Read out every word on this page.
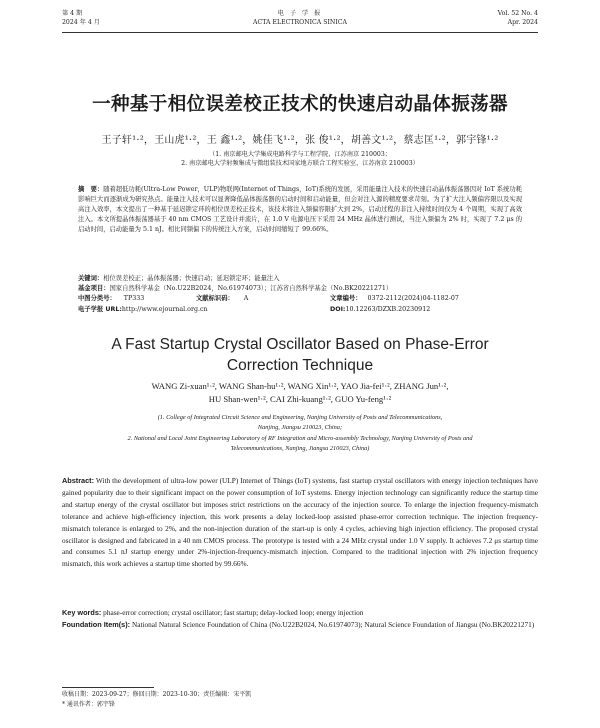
第 4 期
2024 年 4 月
电 子 学 报
ACTA ELECTRONICA SINICA
Vol. 52 No. 4
Apr. 2024
一种基于相位误差校正技术的快速启动晶体振荡器
王子轩¹·²，王山虎¹·²，王 鑫¹·²，姚佳飞¹·²，张 俊¹·²，胡善文¹·²，蔡志匡¹·²，郭宇锋¹·²
（1. 南京邮电大学集成电路科学与工程学院，江苏南京 210003；
2. 南京邮电大学射频集成与微组装技术国家地方联合工程实验室，江苏南京 210003）
摘　要：随着超低功耗(Ultra-Low Power，ULP)物联网(Internet of Things，IoT)系统的发展，采用能量注入技术的快速启动晶体振荡器因对 IoT 系统功耗影响巨大而逐渐成为研究热点。能量注入技术可以显著降低晶体振荡器的启动时间和启动能量，但会对注入源的精度要求苛刻。为了扩大注入频偏容限以及实现高注入效率，本文提出了一种基于延迟锁定环的相位误差校正技术，该技术将注入频偏容限扩大到 2%，启动过程的非注入持续时间仅为 4 个周期，实现了高效注入。本文所提晶体振荡器基于 40 nm CMOS 工艺设计并流片，在 1.0 V 电源电压下采用 24 MHz 晶体进行测试，当注入频偏为 2% 时，实现了 7.2 μs 的启动时间，启动能量为 5.1 nJ。相比同频偏下的传统注入方案，启动时间缩短了 99.66%。
关键词：相位误差校正；晶体振荡器；快速启动；延迟锁定环；能量注入
基金项目：国家自然科学基金（No.U22B2024，No.61974073）；江苏省自然科学基金（No.BK20221271）
中图分类号： TP333	文献标识码： A	文章编号： 0372-2112(2024)04-1182-07
电子学报 URL:http://www.ejournal.org.cn	DOI:10.12263/DZXB.20230912
A Fast Startup Crystal Oscillator Based on Phase-Error
Correction Technique
WANG Zi-xuan¹·², WANG Shan-hu¹·², WANG Xin¹·², YAO Jia-fei¹·², ZHANG Jun¹·²,
HU Shan-wen¹·², CAI Zhi-kuang¹·², GUO Yu-feng¹·²
(1. College of Integrated Circuit Science and Engineering, Nanjing University of Posts and Telecommunications,
Nanjing, Jiangsu 210023, China;
2. National and Local Joint Engineering Laboratory of RF Integration and Micro-assembly Technology, Nanjing University of Posts and
Telecommunications, Nanjing, Jiangsu 210023, China)
Abstract: With the development of ultra-low power (ULP) Internet of Things (IoT) systems, fast startup crystal oscillators with energy injection techniques have gained popularity due to their significant impact on the power consumption of IoT systems. Energy injection technology can significantly reduce the startup time and startup energy of the crystal oscillator but imposes strict restrictions on the accuracy of the injection source. To enlarge the injection frequency-mismatch tolerance and achieve high-efficiency injection, this work presents a delay locked-loop assisted phase-error correction technique. The injection frequency-mismatch tolerance is enlarged to 2%, and the non-injection duration of the start-up is only 4 cycles, achieving high injection efficiency. The proposed crystal oscillator is designed and fabricated in a 40 nm CMOS process. The prototype is tested with a 24 MHz crystal under 1.0 V supply. It achieves 7.2 μs startup time and consumes 5.1 nJ startup energy under 2%-injection-frequency-mismatch injection. Compared to the traditional injection with 2% injection frequency mismatch, this work achieves a startup time shorted by 99.66%.
Key words: phase-error correction; crystal oscillator; fast startup; delay-locked loop; energy injection
Foundation Item(s): National Natural Science Foundation of China (No.U22B2024, No.61974073); Natural Science Foundation of Jiangsu (No.BK20221271)
收稿日期：2023-09-27；修回日期：2023-10-30；责任编辑：宋平凯
* 通讯作者：郭宇锋
